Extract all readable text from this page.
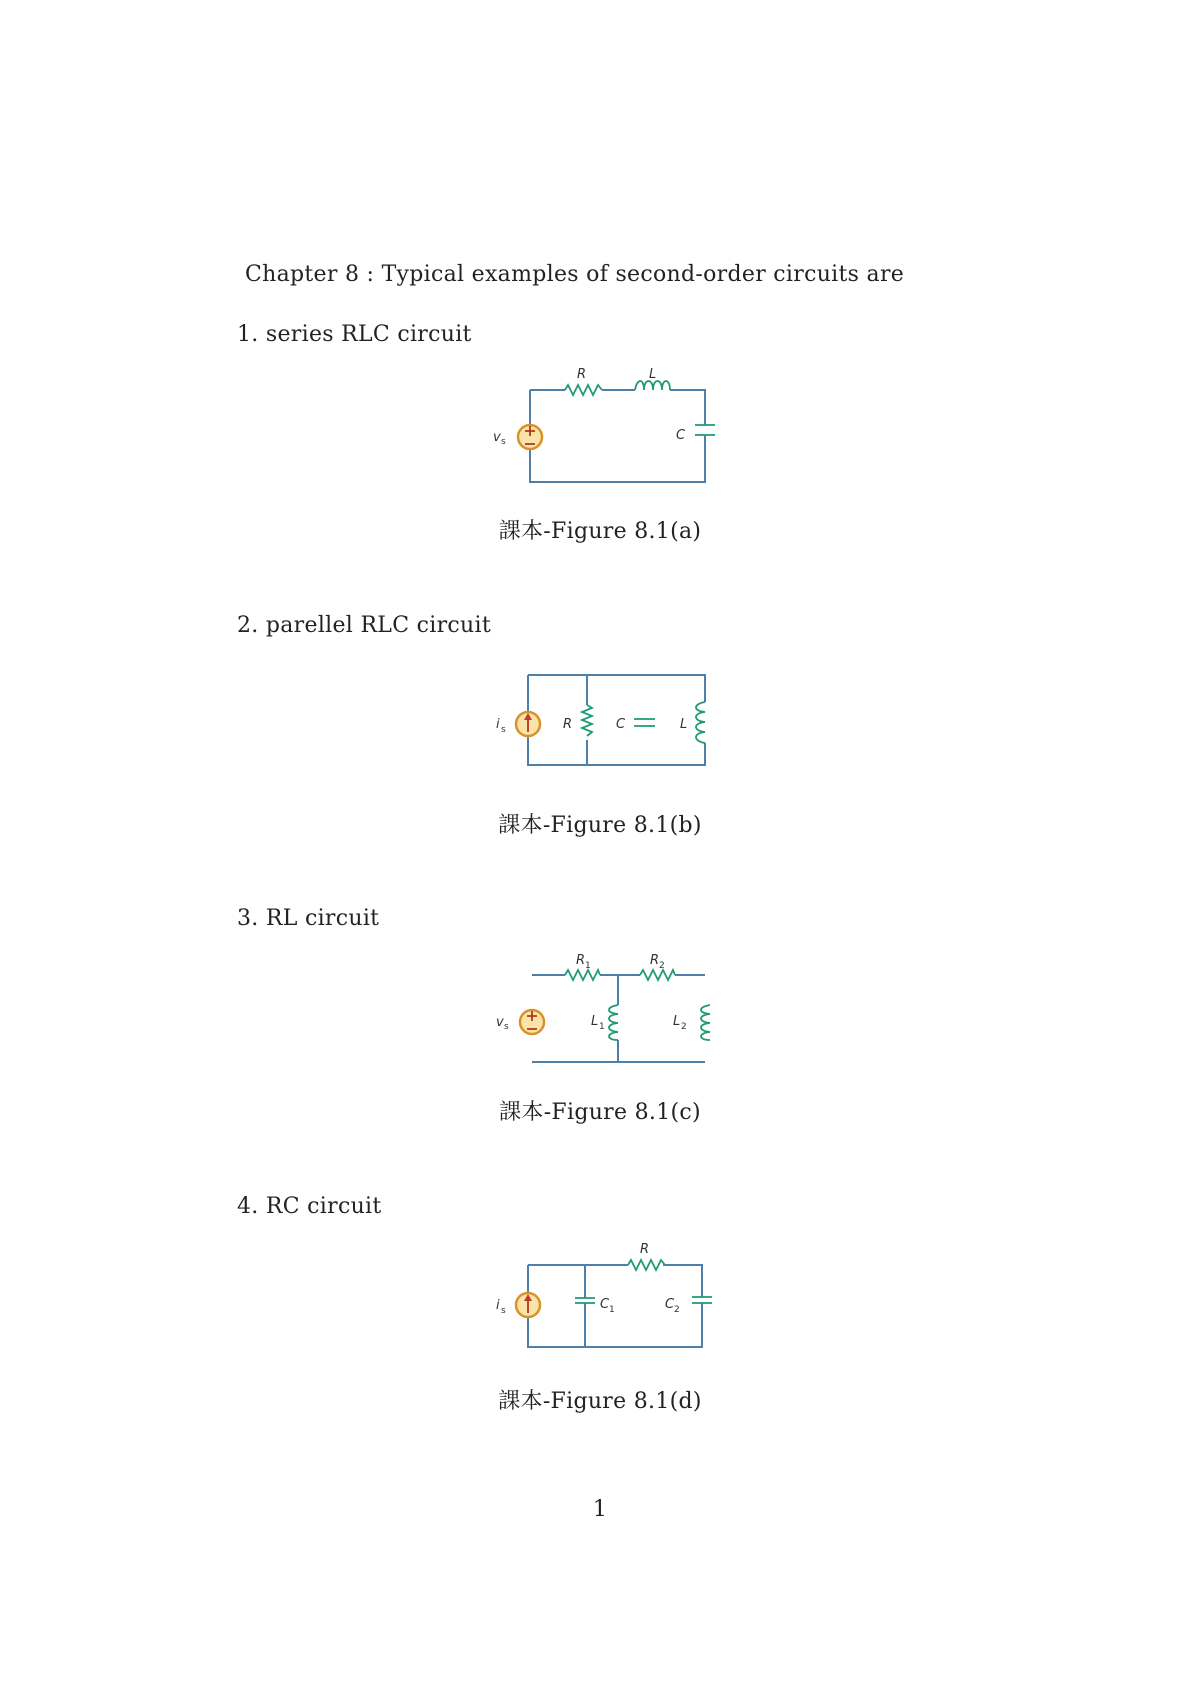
Chapter 8 : Typical examples of second-order circuits are
1. series RLC circuit
R	L
C
v s
課本-Figure 8.1(a)
2. parellel RLC circuit
R	C	L
i s
課本-Figure 8.1(b)
3. RL circuit
R 1	R 2
L 1	L 2
v s
課本-Figure 8.1(c)
4. RC circuit
R
C 1	C 2
i s
課本-Figure 8.1(d)
1
